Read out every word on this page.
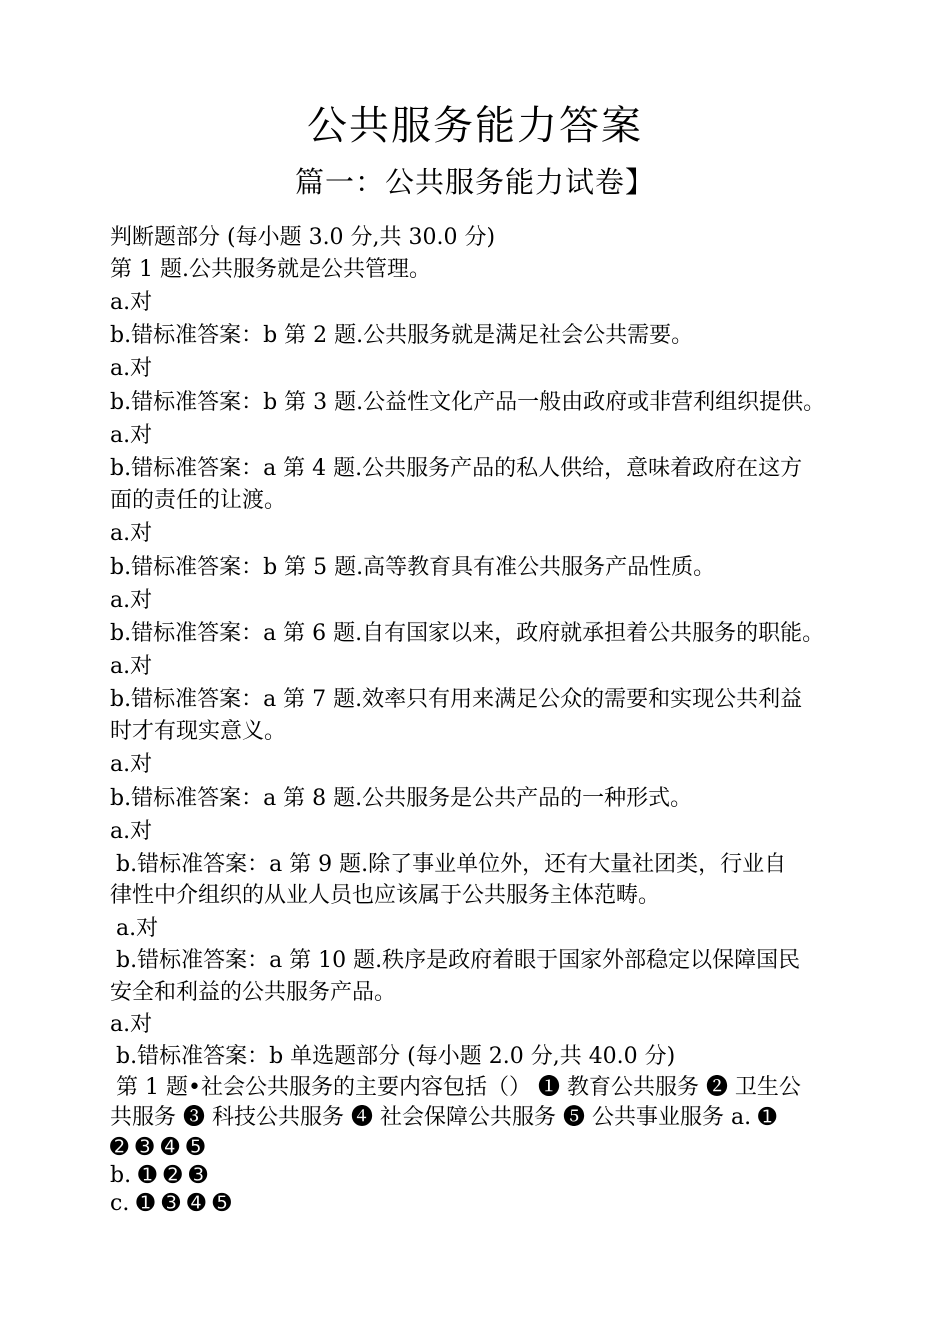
公共服务能力答案
篇一：公共服务能力试卷】
判断题部分 (每小题 3.0 分,共 30.0 分)
第 1 题.公共服务就是公共管理。
a.对
b.错标准答案：b 第 2 题.公共服务就是满足社会公共需要。
a.对
b.错标准答案：b 第 3 题.公益性文化产品一般由政府或非营利组织提供。
a.对
b.错标准答案：a 第 4 题.公共服务产品的私人供给，意味着政府在这方
面的责任的让渡。
a.对
b.错标准答案：b 第 5 题.高等教育具有准公共服务产品性质。
a.对
b.错标准答案：a 第 6 题.自有国家以来，政府就承担着公共服务的职能。
a.对
b.错标准答案：a 第 7 题.效率只有用来满足公众的需要和实现公共利益
时才有现实意义。
a.对
b.错标准答案：a 第 8 题.公共服务是公共产品的一种形式。
a.对
b.错标准答案：a 第 9 题.除了事业单位外，还有大量社团类，行业自
律性中介组织的从业人员也应该属于公共服务主体范畴。
a.对
b.错标准答案：a 第 10 题.秩序是政府着眼于国家外部稳定以保障国民
安全和利益的公共服务产品。
a.对
b.错标准答案：b 单选题部分 (每小题 2.0 分,共 40.0 分)
第 1 题•社会公共服务的主要内容包括（） ➊ 教育公共服务 ➋ 卫生公
共服务 ➌ 科技公共服务 ➍ 社会保障公共服务 ➎ 公共事业服务 a. ➊
➋ ➌ ➍ ➎
b. ➊ ➋ ➌
c. ➊ ➌ ➍ ➎
